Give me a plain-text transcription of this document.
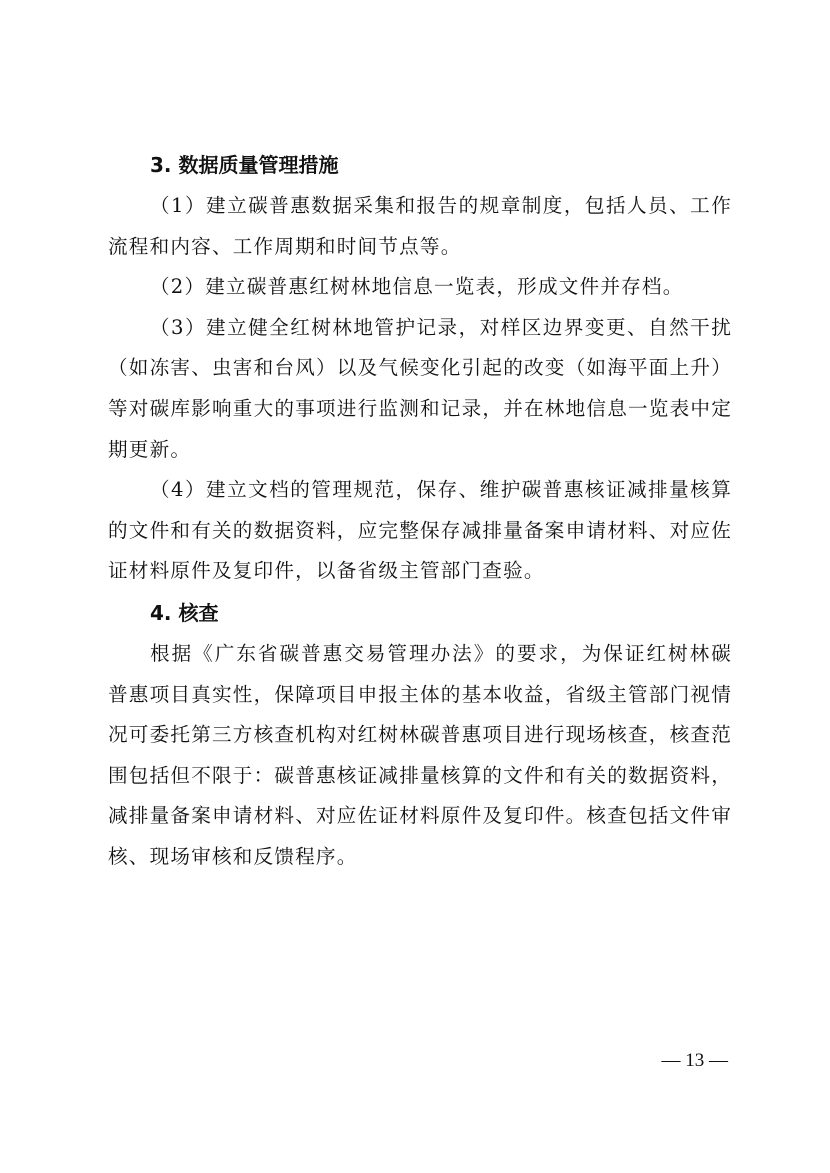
3. 数据质量管理措施

（1）建立碳普惠数据采集和报告的规章制度，包括人员、工作流程和内容、工作周期和时间节点等。

（2）建立碳普惠红树林地信息一览表，形成文件并存档。

（3）建立健全红树林地管护记录，对样区边界变更、自然干扰（如冻害、虫害和台风）以及气候变化引起的改变（如海平面上升）等对碳库影响重大的事项进行监测和记录，并在林地信息一览表中定期更新。

（4）建立文档的管理规范，保存、维护碳普惠核证减排量核算的文件和有关的数据资料，应完整保存减排量备案申请材料、对应佐证材料原件及复印件，以备省级主管部门查验。

4. 核查

根据《广东省碳普惠交易管理办法》的要求，为保证红树林碳普惠项目真实性，保障项目申报主体的基本收益，省级主管部门视情况可委托第三方核查机构对红树林碳普惠项目进行现场核查，核查范围包括但不限于：碳普惠核证减排量核算的文件和有关的数据资料，减排量备案申请材料、对应佐证材料原件及复印件。核查包括文件审核、现场审核和反馈程序。

— 13 —
